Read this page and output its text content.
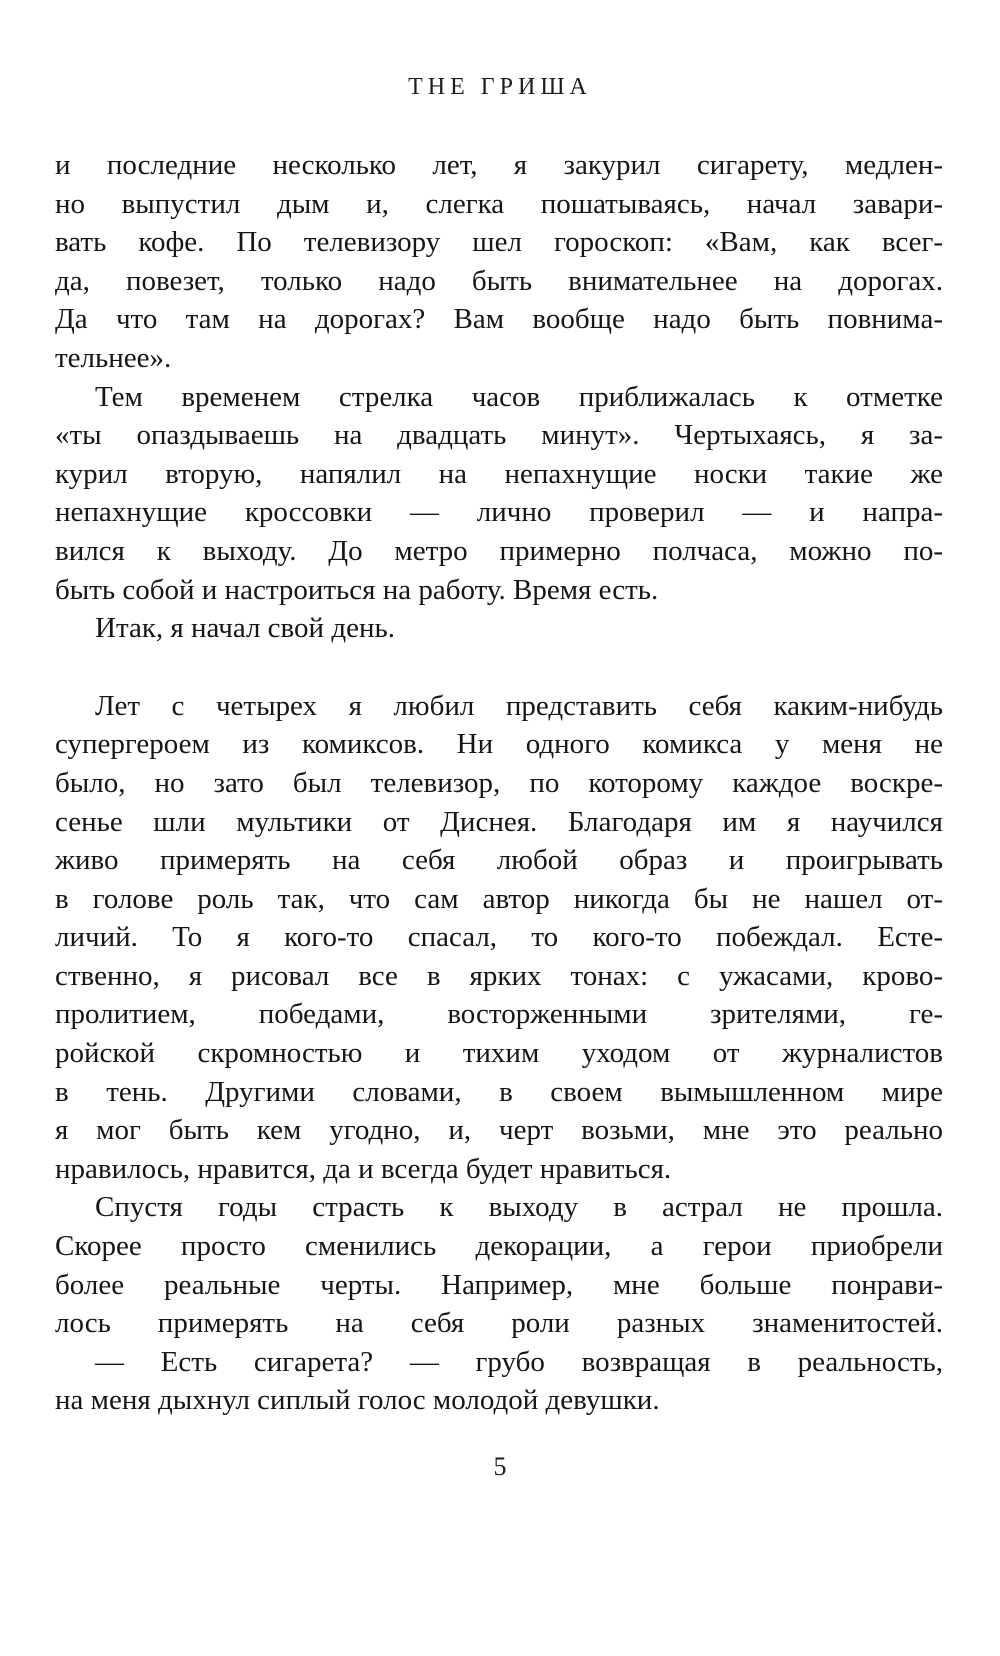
THE ГРИША
и последние несколько лет, я закурил сигарету, медлен-
но выпустил дым и, слегка пошатываясь, начал завари-
вать кофе. По телевизору шел гороскоп: «Вам, как всег-
да, повезет, только надо быть внимательнее на дорогах.
Да что там на дорогах? Вам вообще надо быть повнима-
тельнее».
Тем временем стрелка часов приближалась к отметке
«ты опаздываешь на двадцать минут». Чертыхаясь, я за-
курил вторую, напялил на непахнущие носки такие же
непахнущие кроссовки — лично проверил — и напра-
вился к выходу. До метро примерно полчаса, можно по-
быть собой и настроиться на работу. Время есть.
Итак, я начал свой день.
Лет с четырех я любил представить себя каким-нибудь
супергероем из комиксов. Ни одного комикса у меня не
было, но зато был телевизор, по которому каждое воскре-
сенье шли мультики от Диснея. Благодаря им я научился
живо примерять на себя любой образ и проигрывать
в голове роль так, что сам автор никогда бы не нашел от-
личий. То я кого-то спасал, то кого-то побеждал. Есте-
ственно, я рисовал все в ярких тонах: с ужасами, крово-
пролитием, победами, восторженными зрителями, ге-
ройской скромностью и тихим уходом от журналистов
в тень. Другими словами, в своем вымышленном мире
я мог быть кем угодно, и, черт возьми, мне это реально
нравилось, нравится, да и всегда будет нравиться.
Спустя годы страсть к выходу в астрал не прошла.
Скорее просто сменились декорации, а герои приобрели
более реальные черты. Например, мне больше понрави-
лось примерять на себя роли разных знаменитостей.
— Есть сигарета? — грубо возвращая в реальность,
на меня дыхнул сиплый голос молодой девушки.
5
